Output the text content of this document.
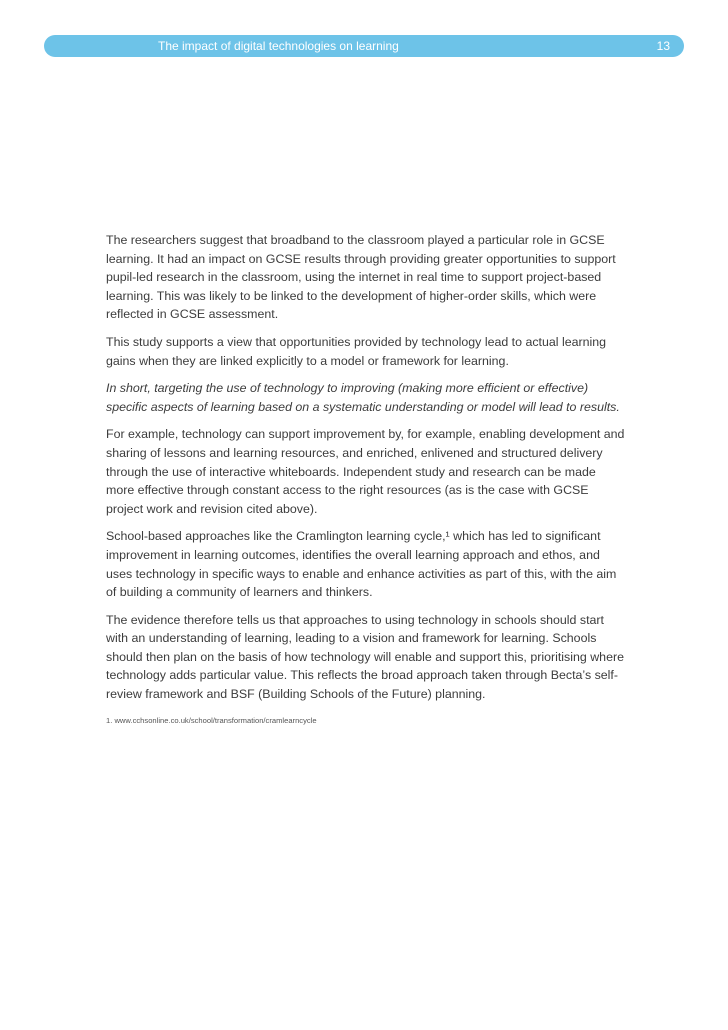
The impact of digital technologies on learning	13

The researchers suggest that broadband to the classroom played a particular role in GCSE learning. It had an impact on GCSE results through providing greater opportunities to support pupil-led research in the classroom, using the internet in real time to support project-based learning. This was likely to be linked to the development of higher-order skills, which were reflected in GCSE assessment.

This study supports a view that opportunities provided by technology lead to actual learning gains when they are linked explicitly to a model or framework for learning.

In short, targeting the use of technology to improving (making more efficient or effective) specific aspects of learning based on a systematic understanding or model will lead to results.

For example, technology can support improvement by, for example, enabling development and sharing of lessons and learning resources, and enriched, enlivened and structured delivery through the use of interactive whiteboards. Independent study and research can be made more effective through constant access to the right resources (as is the case with GCSE project work and revision cited above).

School-based approaches like the Cramlington learning cycle,¹ which has led to significant improvement in learning outcomes, identifies the overall learning approach and ethos, and uses technology in specific ways to enable and enhance activities as part of this, with the aim of building a community of learners and thinkers.

The evidence therefore tells us that approaches to using technology in schools should start with an understanding of learning, leading to a vision and framework for learning. Schools should then plan on the basis of how technology will enable and support this, prioritising where technology adds particular value. This reflects the broad approach taken through Becta’s self-review framework and BSF (Building Schools of the Future) planning.

1. www.cchsonline.co.uk/school/transformation/cramlearncycle
